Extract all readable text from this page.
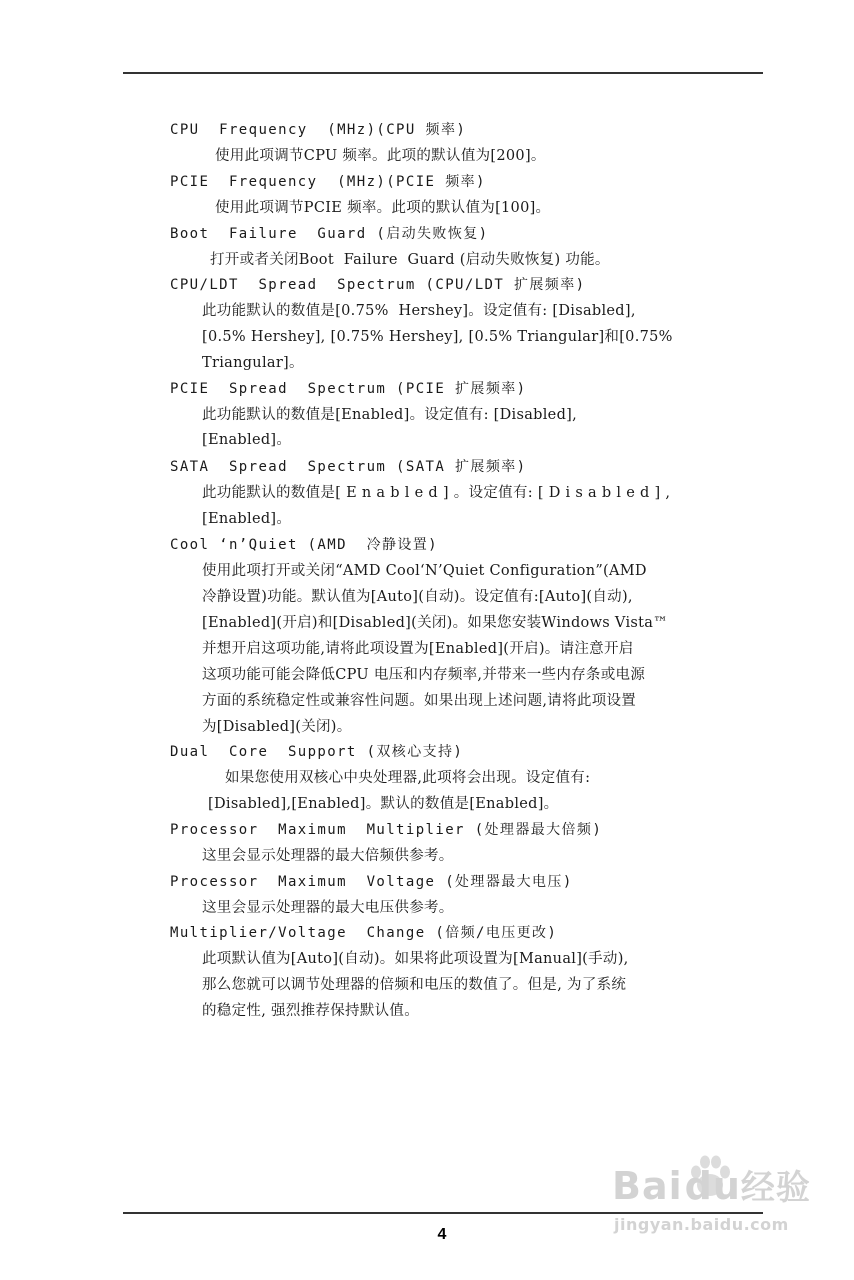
CPU  Frequency  (MHz)(CPU 频率)
使用此项调节CPU 频率。此项的默认值为[200]。
PCIE  Frequency  (MHz)(PCIE 频率)
使用此项调节PCIE 频率。此项的默认值为[100]。
Boot  Failure  Guard (启动失败恢复)
打开或者关闭Boot  Failure  Guard (启动失败恢复) 功能。
CPU/LDT  Spread  Spectrum (CPU/LDT 扩展频率)
此功能默认的数值是[0.75%  Hershey]。设定值有: [Disabled],
[0.5% Hershey], [0.75% Hershey], [0.5% Triangular]和[0.75%
Triangular]。
PCIE  Spread  Spectrum (PCIE 扩展频率)
此功能默认的数值是[Enabled]。设定值有: [Disabled],
[Enabled]。
SATA  Spread  Spectrum (SATA 扩展频率)
此功能默认的数值是[ E n a b l e d ] 。设定值有: [ D i s a b l e d ] ,
[Enabled]。
Cool ‘n’Quiet (AMD  冷静设置)
使用此项打开或关闭“AMD Cool‘N’Quiet Configuration”(AMD
冷静设置)功能。默认值为[Auto](自动)。设定值有:[Auto](自动),
[Enabled](开启)和[Disabled](关闭)。如果您安装Windows Vista™
并想开启这项功能,请将此项设置为[Enabled](开启)。请注意开启
这项功能可能会降低CPU 电压和内存频率,并带来一些内存条或电源
方面的系统稳定性或兼容性问题。如果出现上述问题,请将此项设置
为[Disabled](关闭)。
Dual  Core  Support (双核心支持)
如果您使用双核心中央处理器,此项将会出现。设定值有:
[Disabled],[Enabled]。默认的数值是[Enabled]。
Processor  Maximum  Multiplier (处理器最大倍频)
这里会显示处理器的最大倍频供参考。
Processor  Maximum  Voltage (处理器最大电压)
这里会显示处理器的最大电压供参考。
Multiplier/Voltage  Change (倍频/电压更改)
此项默认值为[Auto](自动)。如果将此项设置为[Manual](手动),
那么您就可以调节处理器的倍频和电压的数值了。但是, 为了系统
的稳定性, 强烈推荐保持默认值。
Baidu经验
jingyan.baidu.com
4
